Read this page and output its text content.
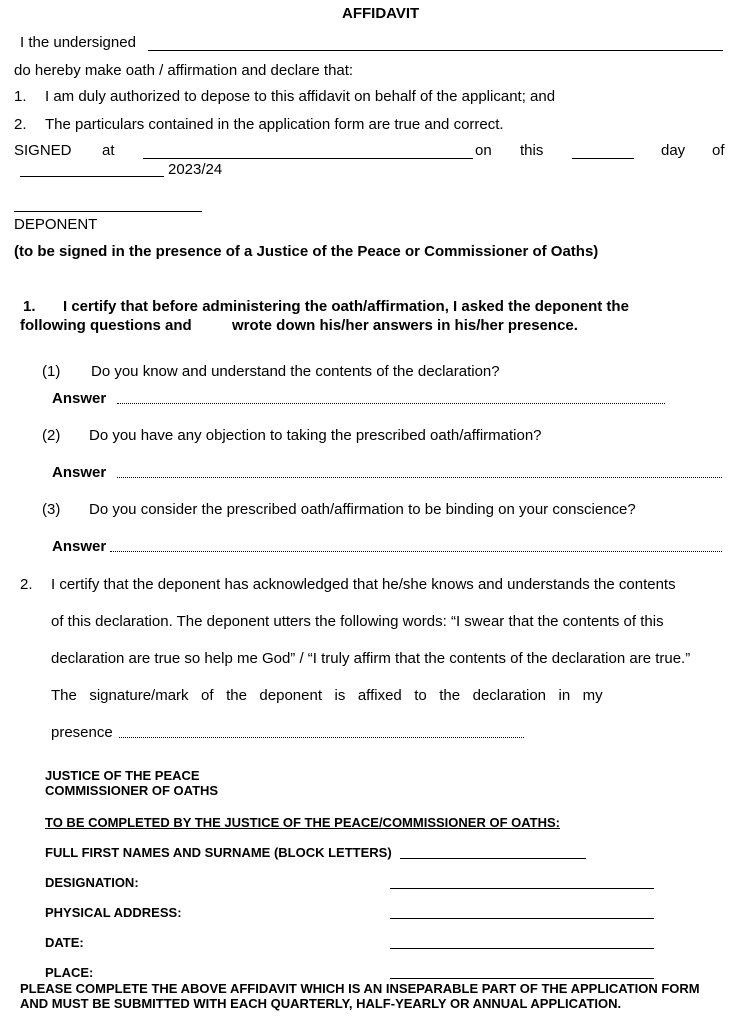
AFFIDAVIT
I the undersigned
do hereby make oath / affirmation and declare that:
1. I am duly authorized to depose to this affidavit on behalf of the applicant; and
2. The particulars contained in the application form are true and correct.
SIGNED at	on this	day of
2023/24
DEPONENT
(to be signed in the presence of a Justice of the Peace or Commissioner of Oaths)
1. I certify that before administering the oath/affirmation, I asked the deponent the
following questions and	wrote down his/her answers in his/her presence.
(1) Do you know and understand the contents of the declaration?
Answer
(2) Do you have any objection to taking the prescribed oath/affirmation?
Answer
(3) Do you consider the prescribed oath/affirmation to be binding on your conscience?
Answer
2. I certify that the deponent has acknowledged that he/she knows and understands the contents
of this declaration. The deponent utters the following words: “I swear that the contents of this
declaration are true so help me God” / “I truly affirm that the contents of the declaration are true.”
The   signature/mark   of   the   deponent   is   affixed   to   the   declaration   in   my
presence
JUSTICE OF THE PEACE
COMMISSIONER OF OATHS
TO BE COMPLETED BY THE JUSTICE OF THE PEACE/COMMISSIONER OF OATHS:
FULL FIRST NAMES AND SURNAME (BLOCK LETTERS)
DESIGNATION:
PHYSICAL ADDRESS:
DATE:
PLACE:
PLEASE COMPLETE THE ABOVE AFFIDAVIT WHICH IS AN INSEPARABLE PART OF THE APPLICATION FORM
AND MUST BE SUBMITTED WITH EACH QUARTERLY, HALF-YEARLY OR ANNUAL APPLICATION.
